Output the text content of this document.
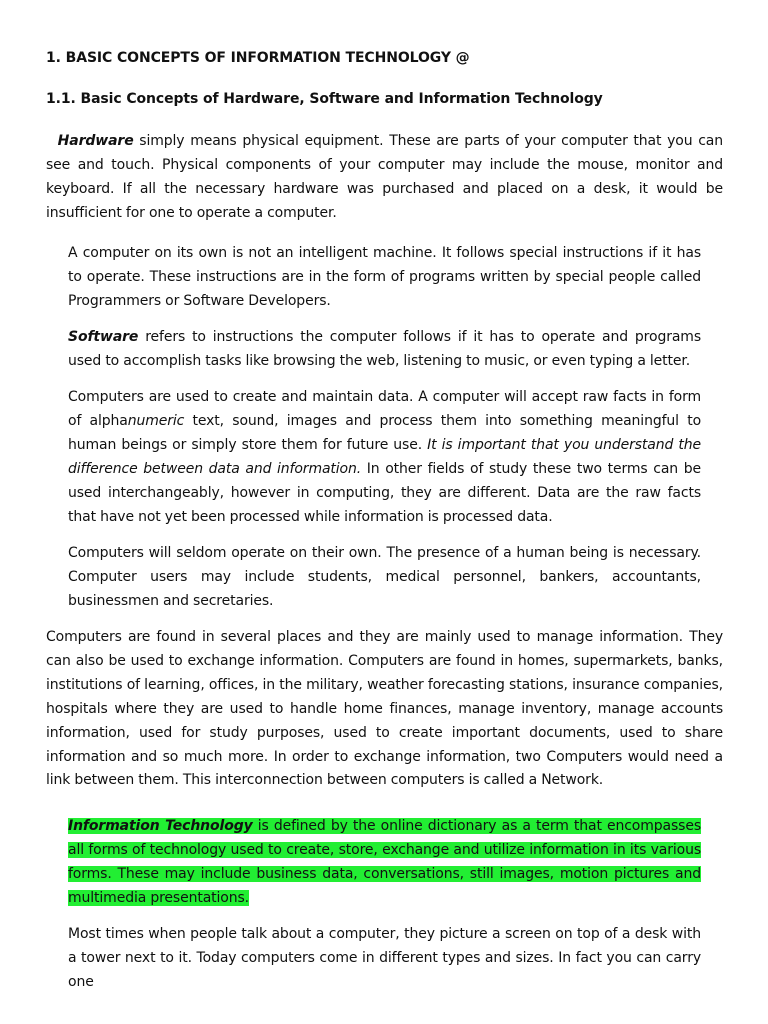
1. BASIC CONCEPTS OF INFORMATION TECHNOLOGY @
1.1. Basic Concepts of Hardware, Software and Information Technology

Hardware simply means physical equipment. These are parts of your computer that you can see and touch. Physical components of your computer may include the mouse, monitor and keyboard. If all the necessary hardware was purchased and placed on a desk, it would be insufficient for one to operate a computer.

A computer on its own is not an intelligent machine. It follows special instructions if it has to operate. These instructions are in the form of programs written by special people called Programmers or Software Developers.

Software refers to instructions the computer follows if it has to operate and programs used to accomplish tasks like browsing the web, listening to music, or even typing a letter.

Computers are used to create and maintain data. A computer will accept raw facts in form of alphanumeric text, sound, images and process them into something meaningful to human beings or simply store them for future use. It is important that you understand the difference between data and information. In other fields of study these two terms can be used interchangeably, however in computing, they are different. Data are the raw facts that have not yet been processed while information is processed data.

Computers will seldom operate on their own. The presence of a human being is necessary. Computer users may include students, medical personnel, bankers, accountants, businessmen and secretaries.

Computers are found in several places and they are mainly used to manage information. They can also be used to exchange information. Computers are found in homes, supermarkets, banks, institutions of learning, offices, in the military, weather forecasting stations, insurance companies, hospitals where they are used to handle home finances, manage inventory, manage accounts information, used for study purposes, used to create important documents, used to share information and so much more. In order to exchange information, two Computers would need a link between them. This interconnection between computers is called a Network.

Information Technology is defined by the online dictionary as a term that encompasses all forms of technology used to create, store, exchange and utilize information in its various forms. These may include business data, conversations, still images, motion pictures and multimedia presentations.

Most times when people talk about a computer, they picture a screen on top of a desk with a tower next to it. Today computers come in different types and sizes. In fact you can carry one
